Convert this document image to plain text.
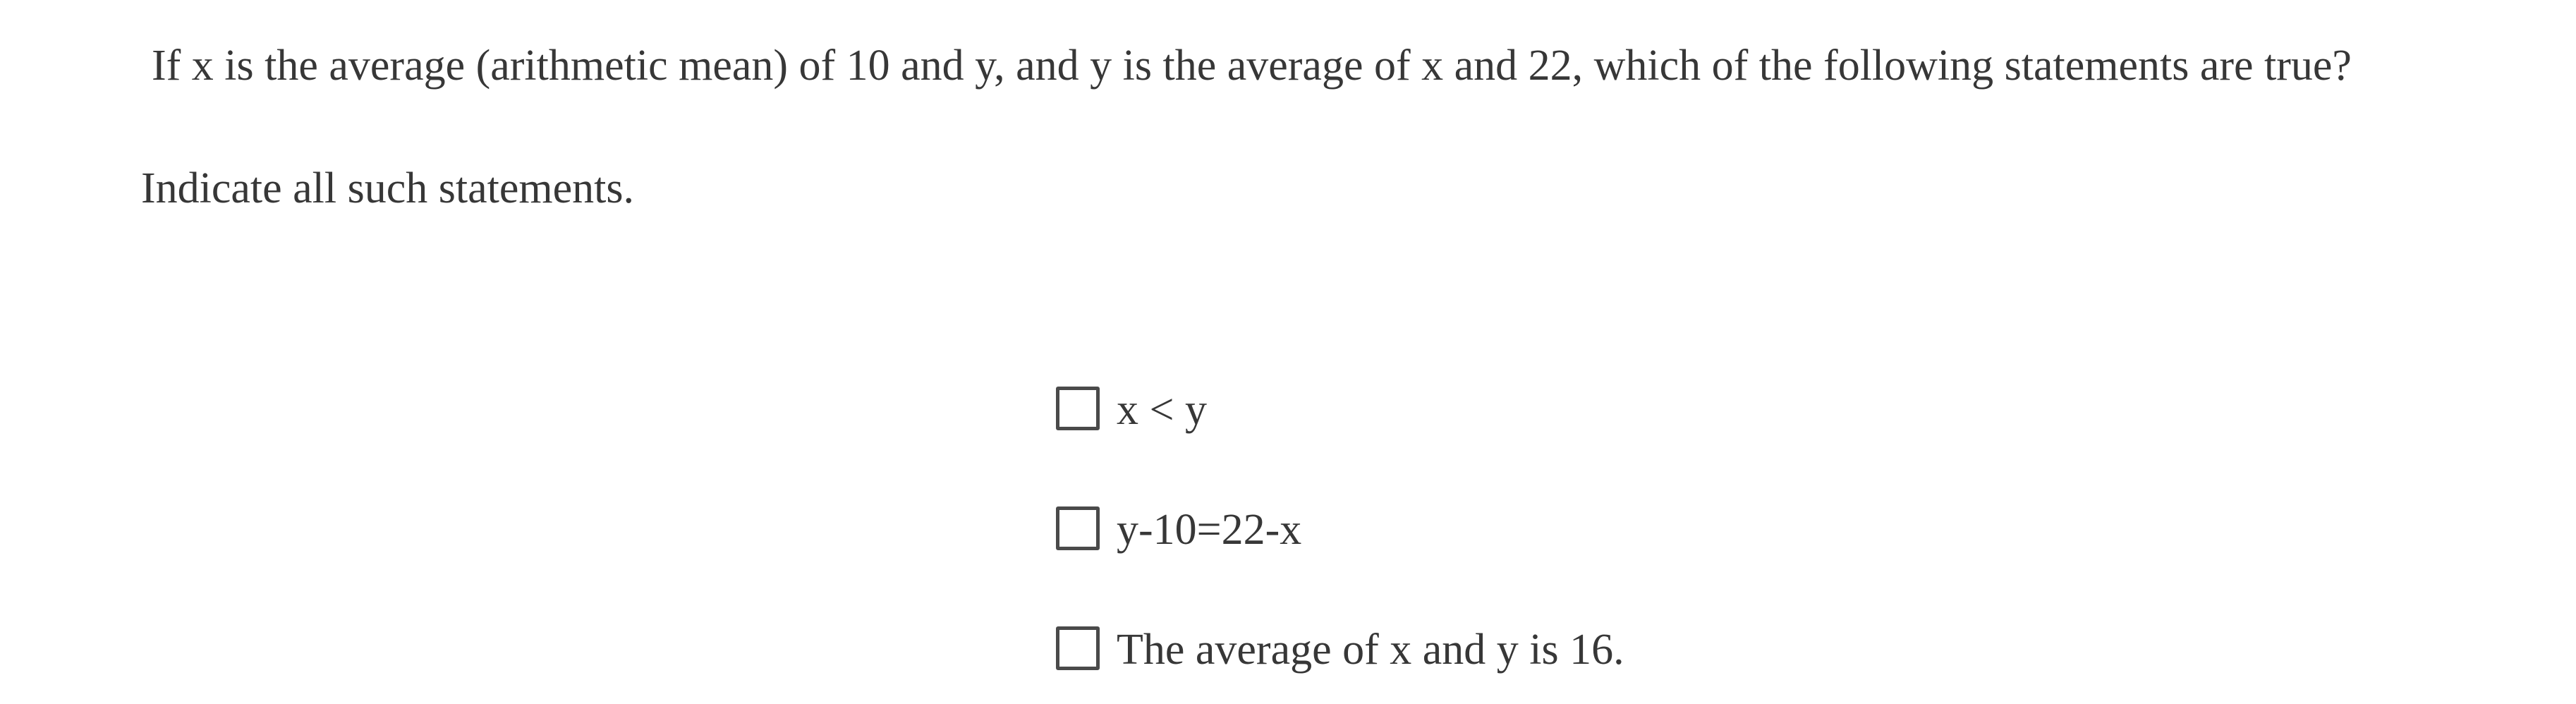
If x is the average (arithmetic mean) of 10 and y, and y is the average of x and 22, which of the following statements are true?
Indicate all such statements.
x < y
y-10=22-x
The average of x and y is 16.
